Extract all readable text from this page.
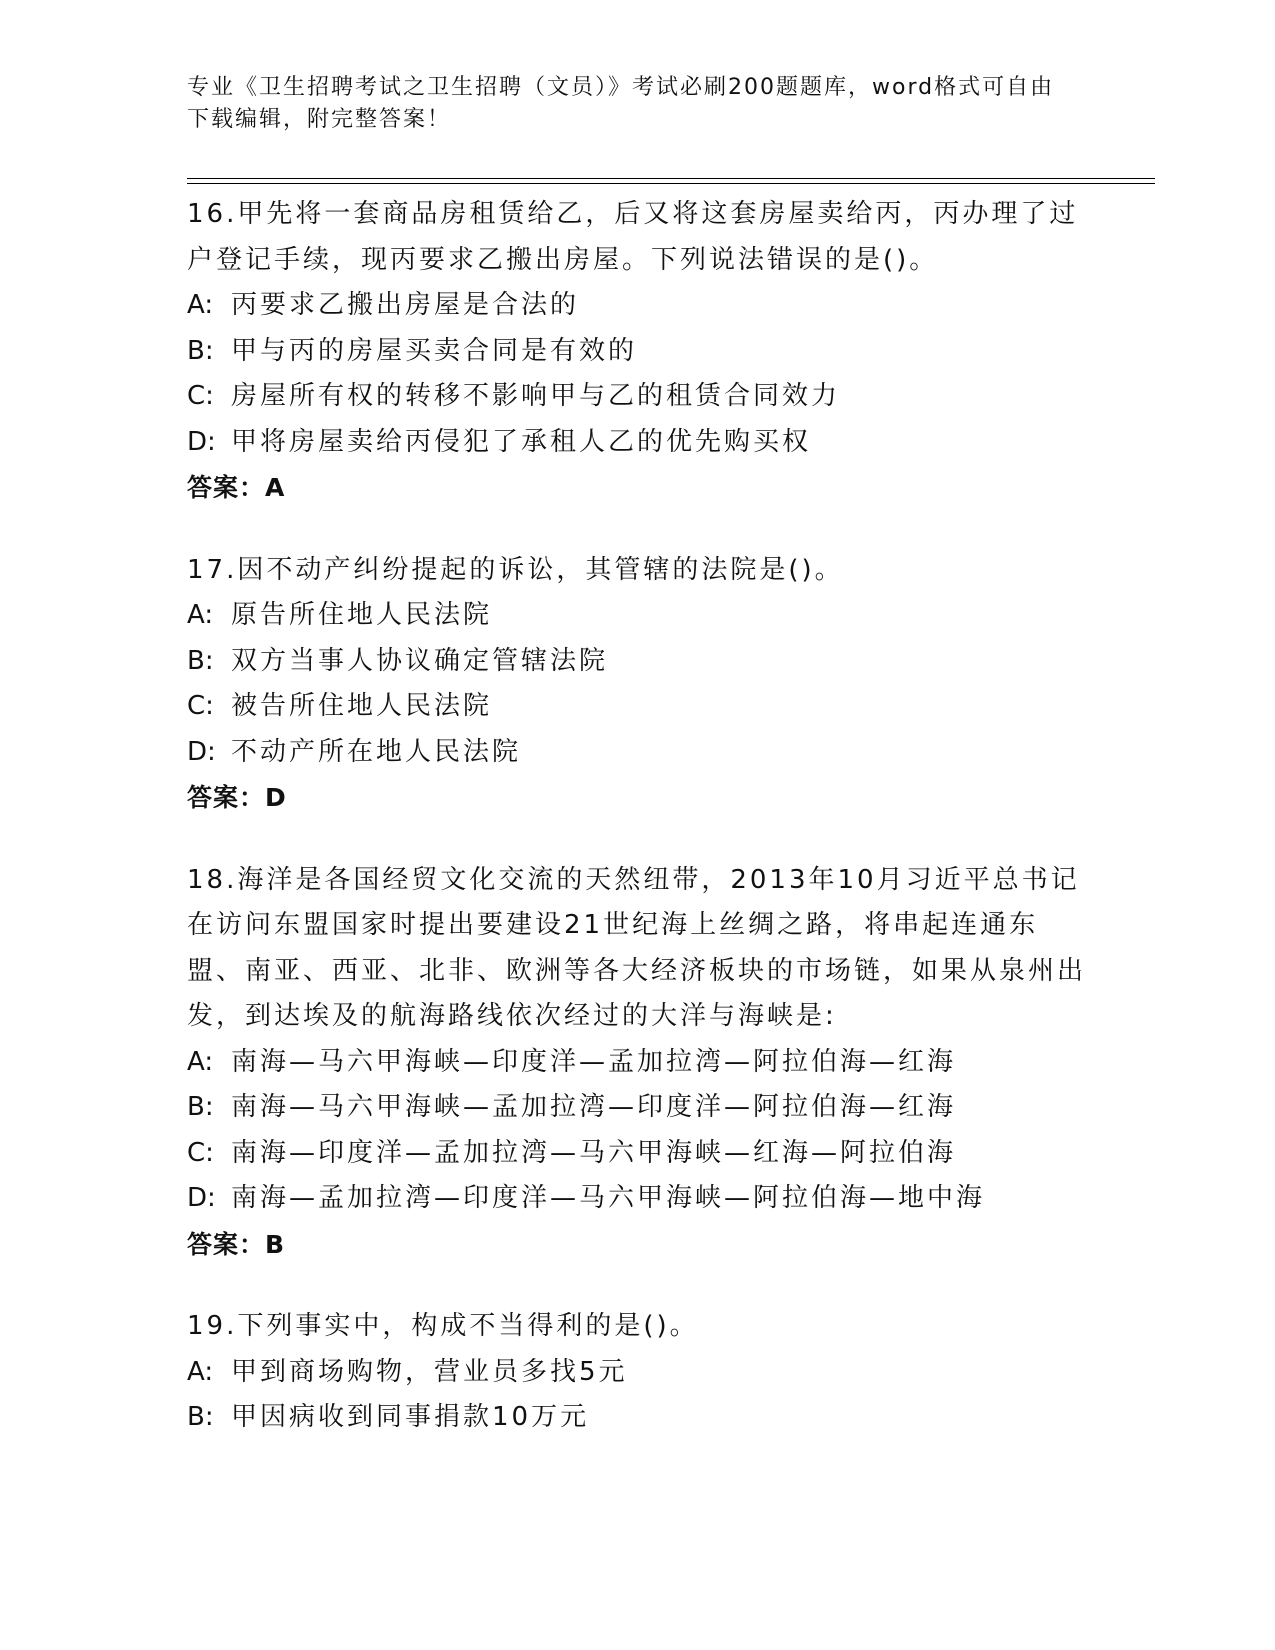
专业《卫生招聘考试之卫生招聘（文员）》考试必刷200题题库，word格式可自由下载编辑，附完整答案！
16.甲先将一套商品房租赁给乙，后又将这套房屋卖给丙，丙办理了过户登记手续，现丙要求乙搬出房屋。下列说法错误的是()。
A: 丙要求乙搬出房屋是合法的
B: 甲与丙的房屋买卖合同是有效的
C: 房屋所有权的转移不影响甲与乙的租赁合同效力
D: 甲将房屋卖给丙侵犯了承租人乙的优先购买权
答案：A
17.因不动产纠纷提起的诉讼，其管辖的法院是()。
A: 原告所住地人民法院
B: 双方当事人协议确定管辖法院
C: 被告所住地人民法院
D: 不动产所在地人民法院
答案：D
18.海洋是各国经贸文化交流的天然纽带，2013年10月习近平总书记在访问东盟国家时提出要建设21世纪海上丝绸之路，将串起连通东盟、南亚、西亚、北非、欧洲等各大经济板块的市场链，如果从泉州出发，到达埃及的航海路线依次经过的大洋与海峡是:
A: 南海—马六甲海峡—印度洋—孟加拉湾—阿拉伯海—红海
B: 南海—马六甲海峡—孟加拉湾—印度洋—阿拉伯海—红海
C: 南海—印度洋—孟加拉湾—马六甲海峡—红海—阿拉伯海
D: 南海—孟加拉湾—印度洋—马六甲海峡—阿拉伯海—地中海
答案：B
19.下列事实中，构成不当得利的是()。
A: 甲到商场购物，营业员多找5元
B: 甲因病收到同事捐款10万元
